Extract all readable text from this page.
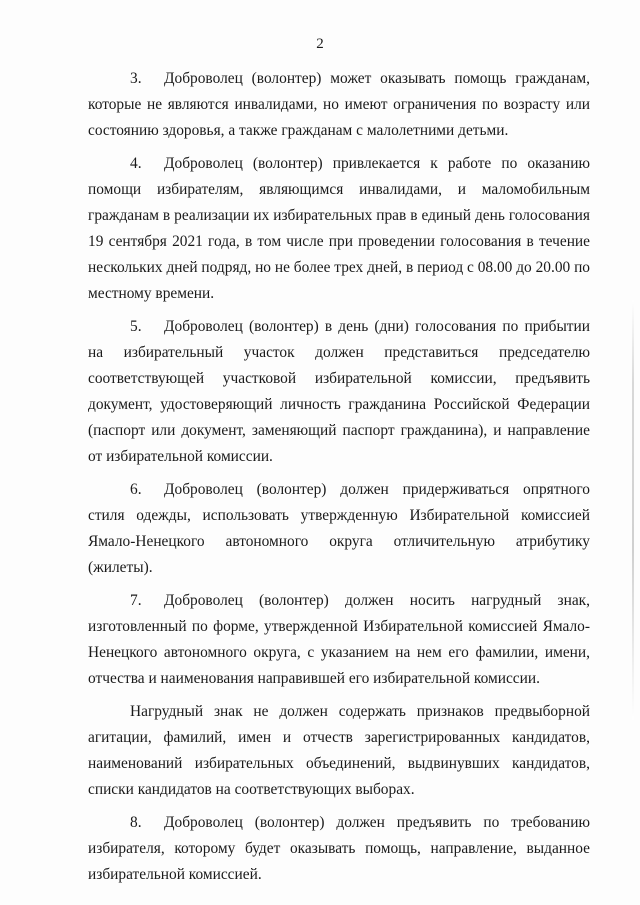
2

3. Доброволец (волонтер) может оказывать помощь гражданам, которые не являются инвалидами, но имеют ограничения по возрасту или состоянию здоровья, а также гражданам с малолетними детьми.

4. Доброволец (волонтер) привлекается к работе по оказанию помощи избирателям, являющимся инвалидами, и маломобильным гражданам в реализации их избирательных прав в единый день голосования 19 сентября 2021 года, в том числе при проведении голосования в течение нескольких дней подряд, но не более трех дней, в период с 08.00 до 20.00 по местному времени.

5. Доброволец (волонтер) в день (дни) голосования по прибытии на избирательный участок должен представиться председателю соответствующей участковой избирательной комиссии, предъявить документ, удостоверяющий личность гражданина Российской Федерации (паспорт или документ, заменяющий паспорт гражданина), и направление от избирательной комиссии.

6. Доброволец (волонтер) должен придерживаться опрятного стиля одежды, использовать утвержденную Избирательной комиссией Ямало-Ненецкого автономного округа отличительную атрибутику (жилеты).

7. Доброволец (волонтер) должен носить нагрудный знак, изготовленный по форме, утвержденной Избирательной комиссией Ямало-Ненецкого автономного округа, с указанием на нем его фамилии, имени, отчества и наименования направившей его избирательной комиссии.

Нагрудный знак не должен содержать признаков предвыборной агитации, фамилий, имен и отчеств зарегистрированных кандидатов, наименований избирательных объединений, выдвинувших кандидатов, списки кандидатов на соответствующих выборах.

8. Доброволец (волонтер) должен предъявить по требованию избирателя, которому будет оказывать помощь, направление, выданное избирательной комиссией.
